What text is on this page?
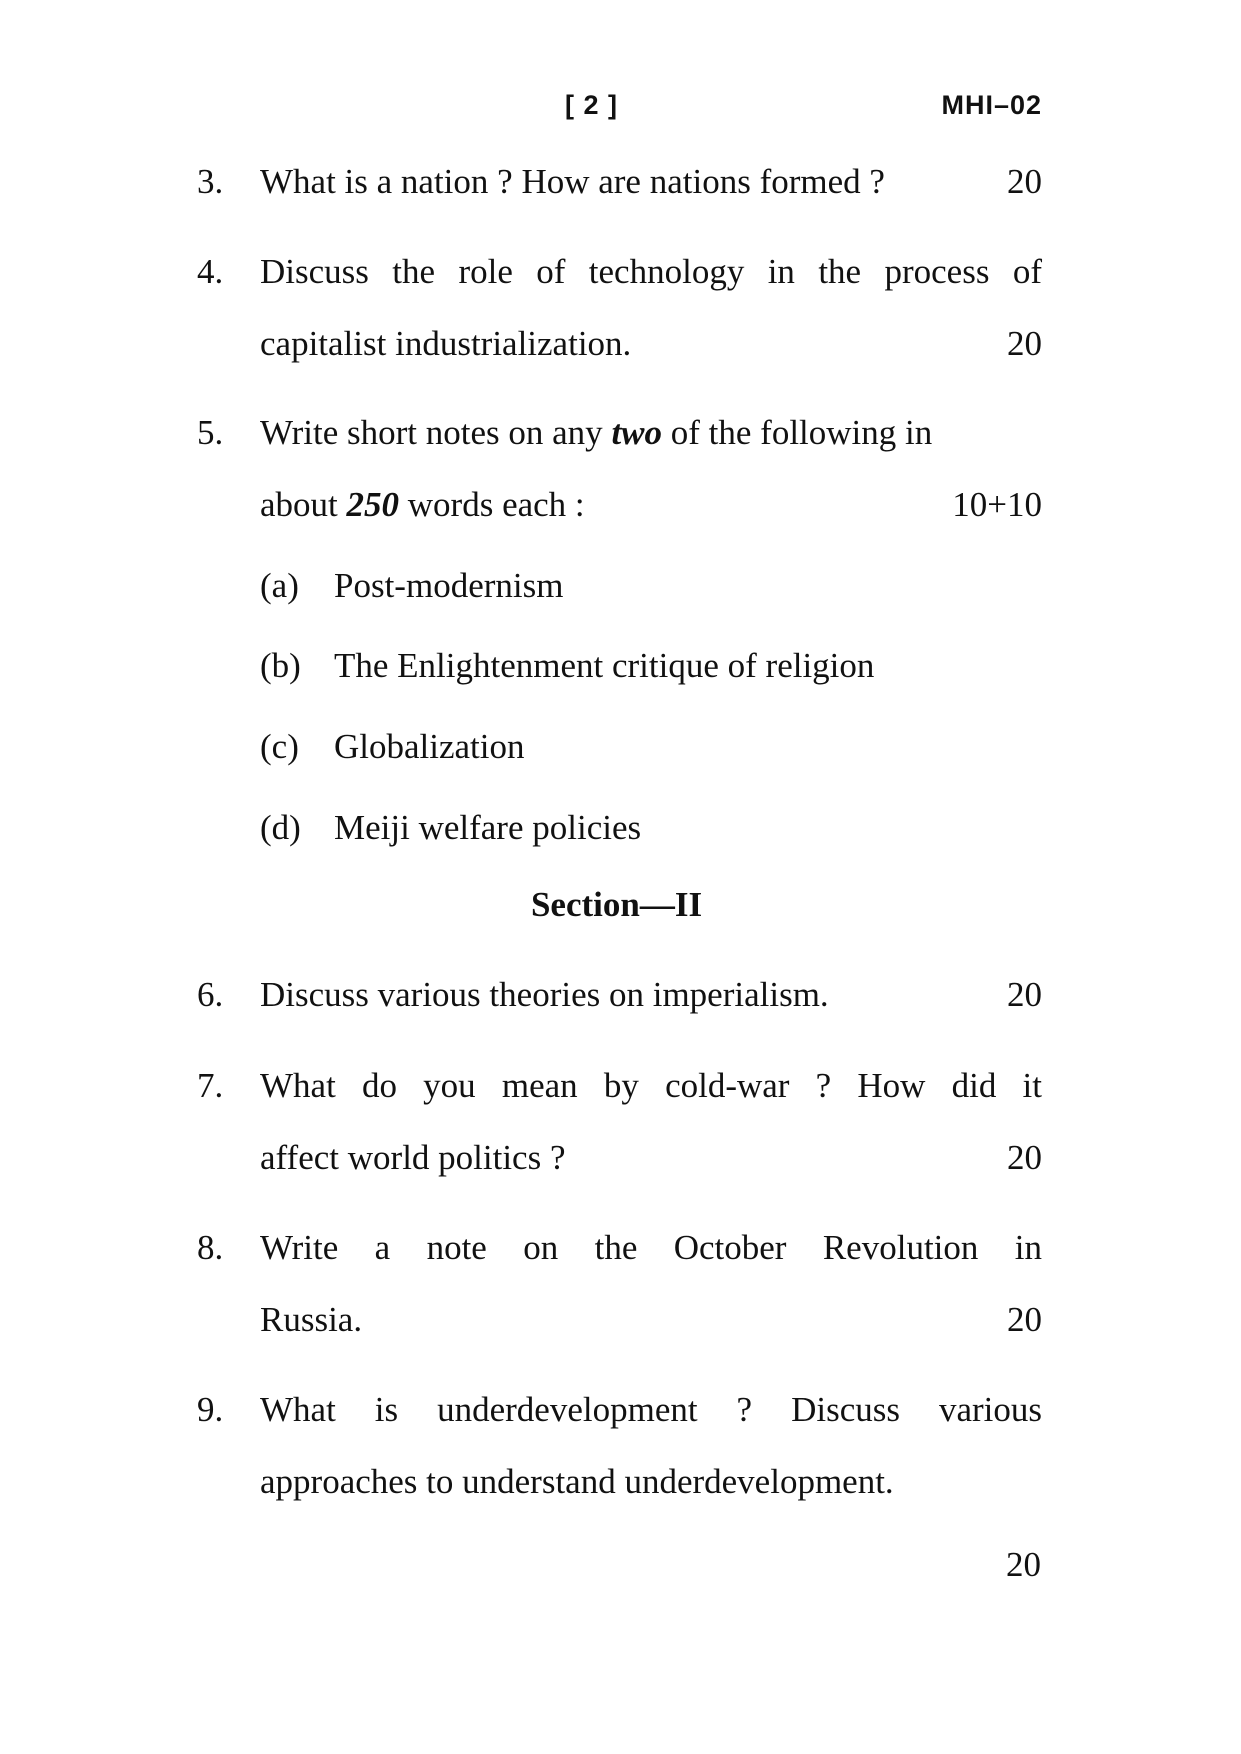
[ 2 ]	MHI–02
3. What is a nation ? How are nations formed ?	20
4. Discuss the role of technology in the process of
capitalist industrialization.	20
5. Write short notes on any two of the following in
about 250 words each :	10+10
(a) Post-modernism
(b) The Enlightenment critique of religion
(c) Globalization
(d) Meiji welfare policies
Section—II
6. Discuss various theories on imperialism.	20
7. What do you mean by cold-war ? How did it
affect world politics ?	20
8. Write a note on the October Revolution in
Russia.	20
9. What is underdevelopment ? Discuss various
approaches to understand underdevelopment.
20
